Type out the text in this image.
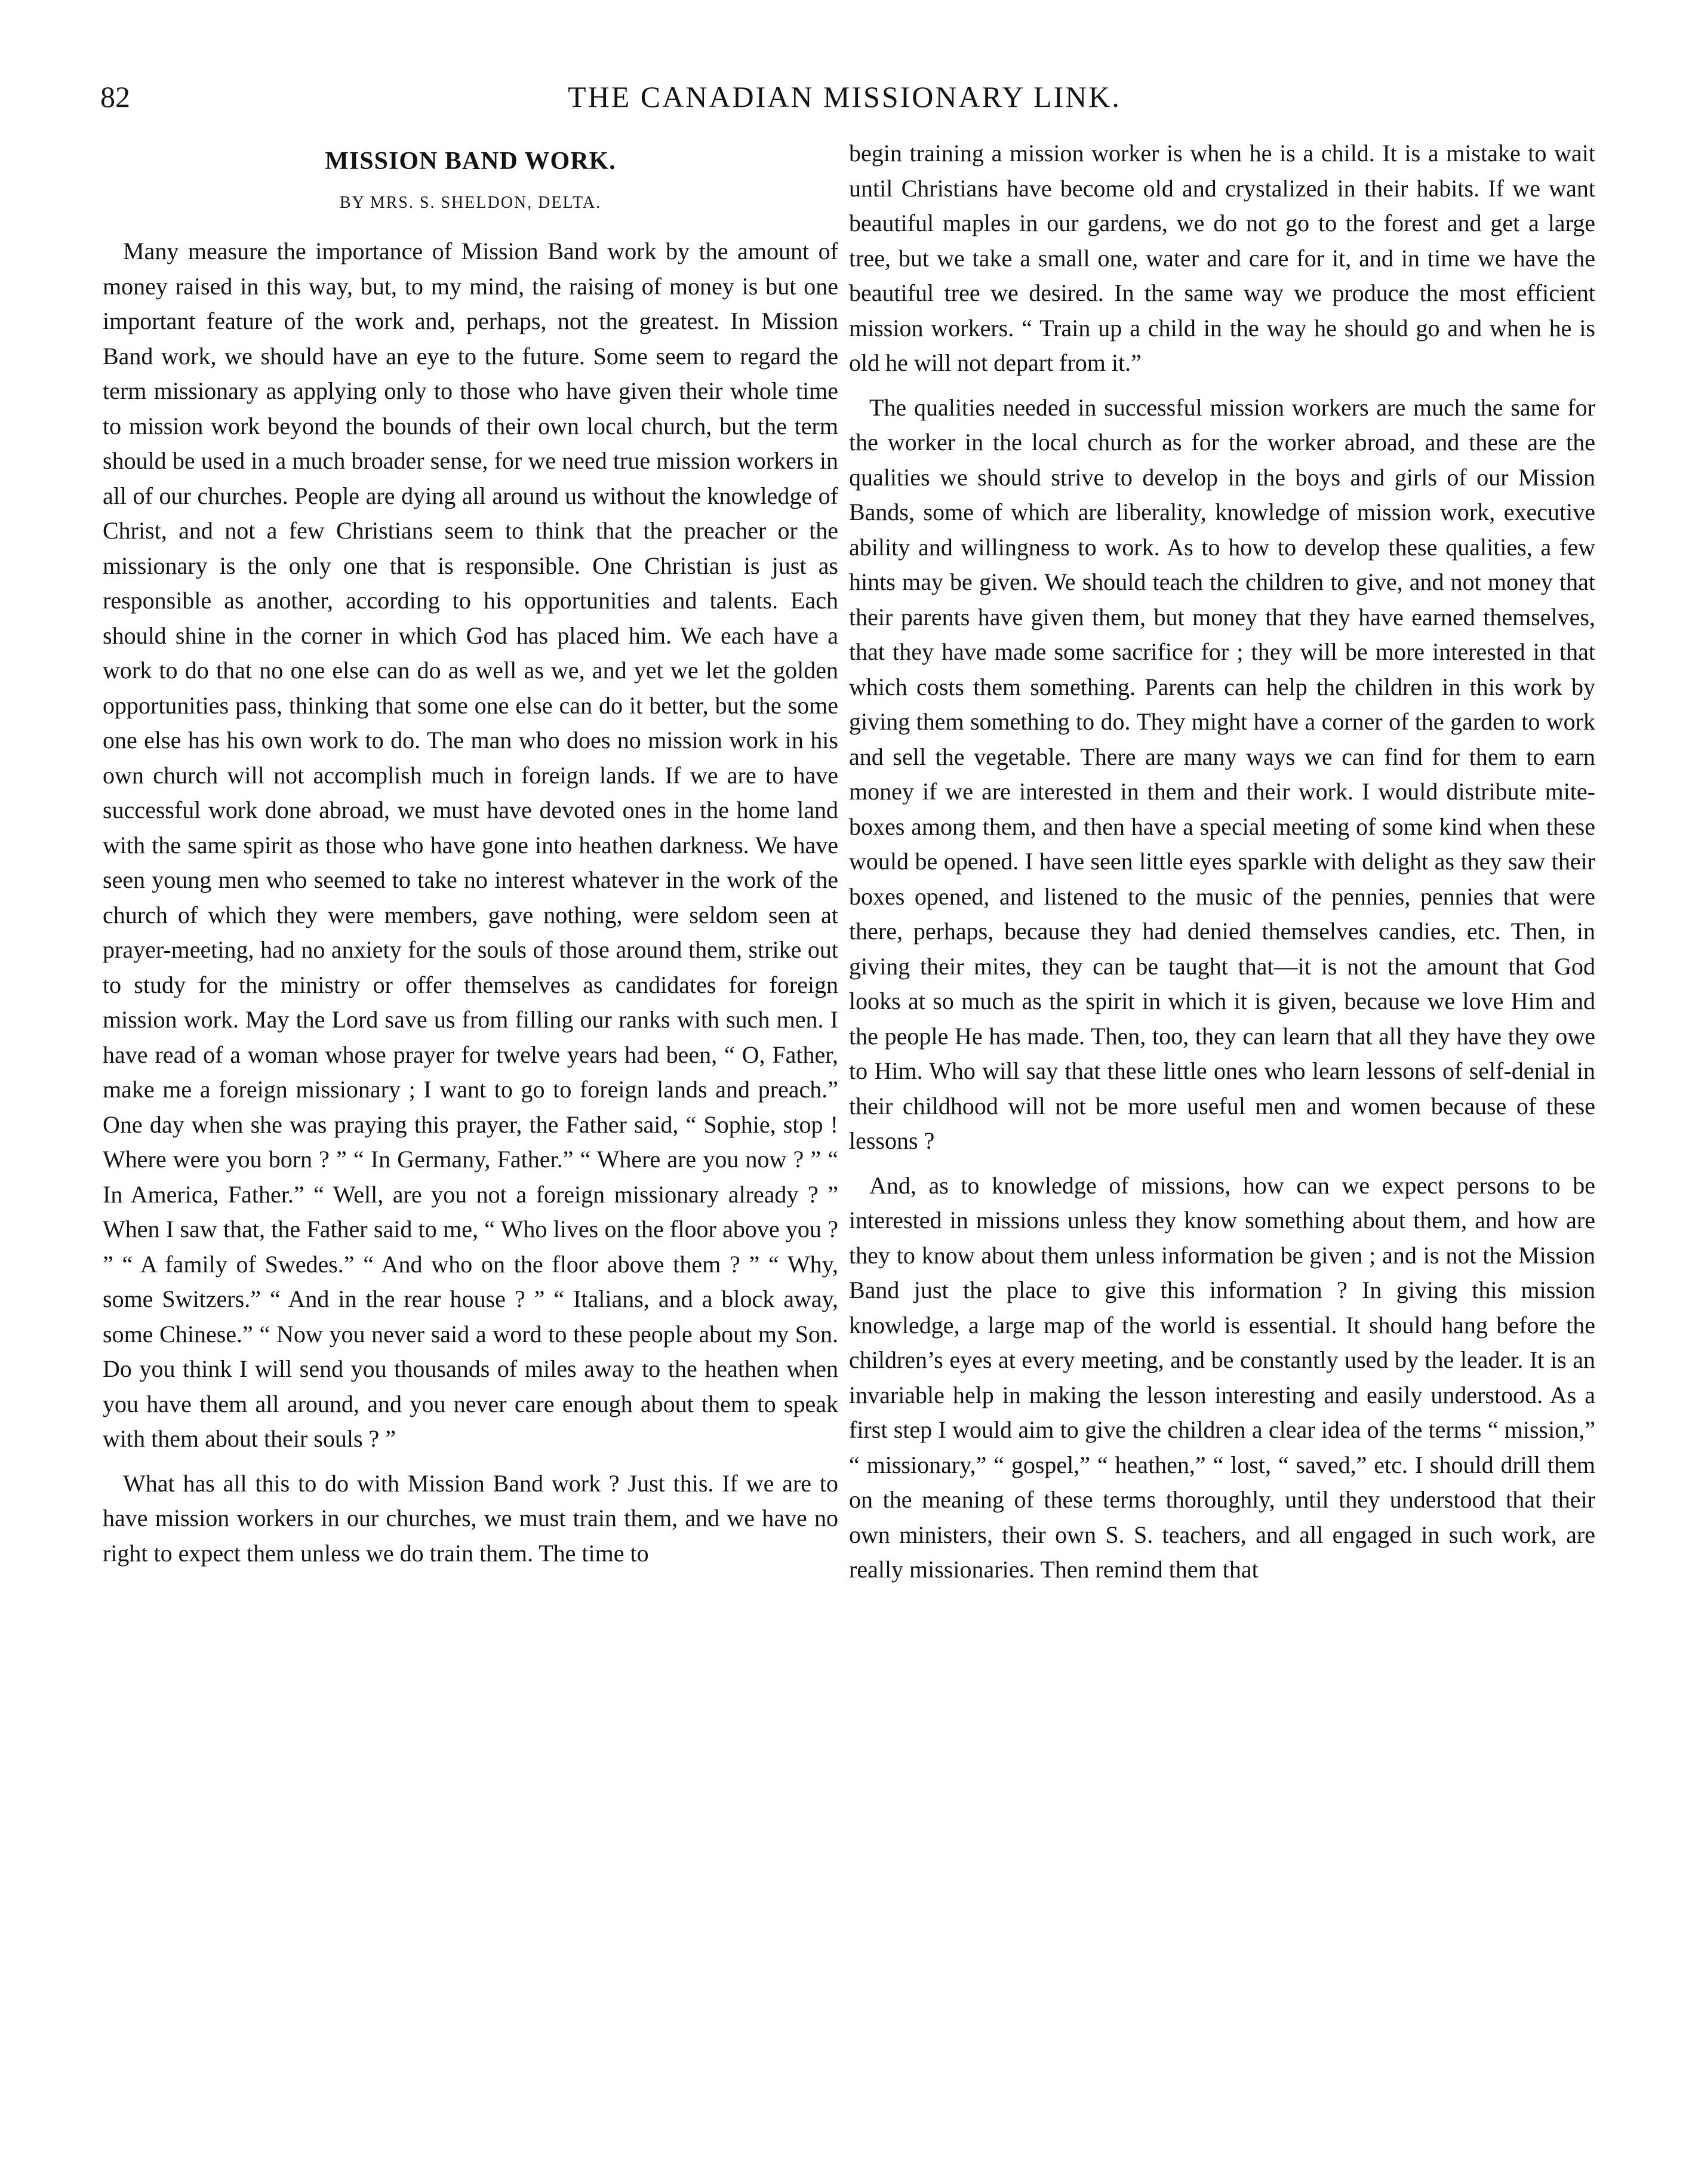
82	THE CANADIAN MISSIONARY LINK.
MISSION BAND WORK.
BY MRS. S. SHELDON, DELTA.

Many measure the importance of Mission Band work by the amount of money raised in this way, but, to my mind, the raising of money is but one important feature of the work and, perhaps, not the greatest. In Mission Band work, we should have an eye to the future. Some seem to regard the term missionary as applying only to those who have given their whole time to mission work beyond the bounds of their own local church, but the term should be used in a much broader sense, for we need true mission workers in all of our churches. People are dying all around us without the knowledge of Christ, and not a few Christians seem to think that the preacher or the missionary is the only one that is responsible. One Christian is just as responsible as another, according to his opportunities and talents. Each should shine in the corner in which God has placed him. We each have a work to do that no one else can do as well as we, and yet we let the golden opportunities pass, thinking that some one else can do it better, but the some one else has his own work to do. The man who does no mission work in his own church will not accomplish much in foreign lands. If we are to have successful work done abroad, we must have devoted ones in the home land with the same spirit as those who have gone into heathen darkness. We have seen young men who seemed to take no interest whatever in the work of the church of which they were members, gave nothing, were seldom seen at prayer-meeting, had no anxiety for the souls of those around them, strike out to study for the ministry or offer themselves as candidates for foreign mission work. May the Lord save us from filling our ranks with such men. I have read of a woman whose prayer for twelve years had been, “ O, Father, make me a foreign missionary ; I want to go to foreign lands and preach.” One day when she was praying this prayer, the Father said, “ Sophie, stop ! Where were you born ? ” “ In Germany, Father.” “ Where are you now ? ” “ In America, Father.” “ Well, are you not a foreign missionary already ? ” When I saw that, the Father said to me, “ Who lives on the floor above you ? ” “ A family of Swedes.” “ And who on the floor above them ? ” “ Why, some Switzers.” “ And in the rear house ? ” “ Italians, and a block away, some Chinese.” “ Now you never said a word to these people about my Son. Do you think I will send you thousands of miles away to the heathen when you have them all around, and you never care enough about them to speak with them about their souls ? ”

What has all this to do with Mission Band work ? Just this. If we are to have mission workers in our churches, we must train them, and we have no right to expect them unless we do train them. The time to

begin training a mission worker is when he is a child. It is a mistake to wait until Christians have become old and crystalized in their habits. If we want beautiful maples in our gardens, we do not go to the forest and get a large tree, but we take a small one, water and care for it, and in time we have the beautiful tree we desired. In the same way we produce the most efficient mission workers. “ Train up a child in the way he should go and when he is old he will not depart from it.”

The qualities needed in successful mission workers are much the same for the worker in the local church as for the worker abroad, and these are the qualities we should strive to develop in the boys and girls of our Mission Bands, some of which are liberality, knowledge of mission work, executive ability and willingness to work. As to how to develop these qualities, a few hints may be given. We should teach the children to give, and not money that their parents have given them, but money that they have earned themselves, that they have made some sacrifice for ; they will be more interested in that which costs them something. Parents can help the children in this work by giving them something to do. They might have a corner of the garden to work and sell the vegetable. There are many ways we can find for them to earn money if we are interested in them and their work. I would distribute mite-boxes among them, and then have a special meeting of some kind when these would be opened. I have seen little eyes sparkle with delight as they saw their boxes opened, and listened to the music of the pennies, pennies that were there, perhaps, because they had denied themselves candies, etc. Then, in giving their mites, they can be taught that—it is not the amount that God looks at so much as the spirit in which it is given, because we love Him and the people He has made. Then, too, they can learn that all they have they owe to Him. Who will say that these little ones who learn lessons of self-denial in their childhood will not be more useful men and women because of these lessons ?

And, as to knowledge of missions, how can we expect persons to be interested in missions unless they know something about them, and how are they to know about them unless information be given ; and is not the Mission Band just the place to give this information ? In giving this mission knowledge, a large map of the world is essential. It should hang before the children’s eyes at every meeting, and be constantly used by the leader. It is an invariable help in making the lesson interesting and easily understood. As a first step I would aim to give the children a clear idea of the terms “ mission,” “ missionary,” “ gospel,” “ heathen,” “ lost, “ saved,” etc. I should drill them on the meaning of these terms thoroughly, until they understood that their own ministers, their own S. S. teachers, and all engaged in such work, are really missionaries. Then remind them that
